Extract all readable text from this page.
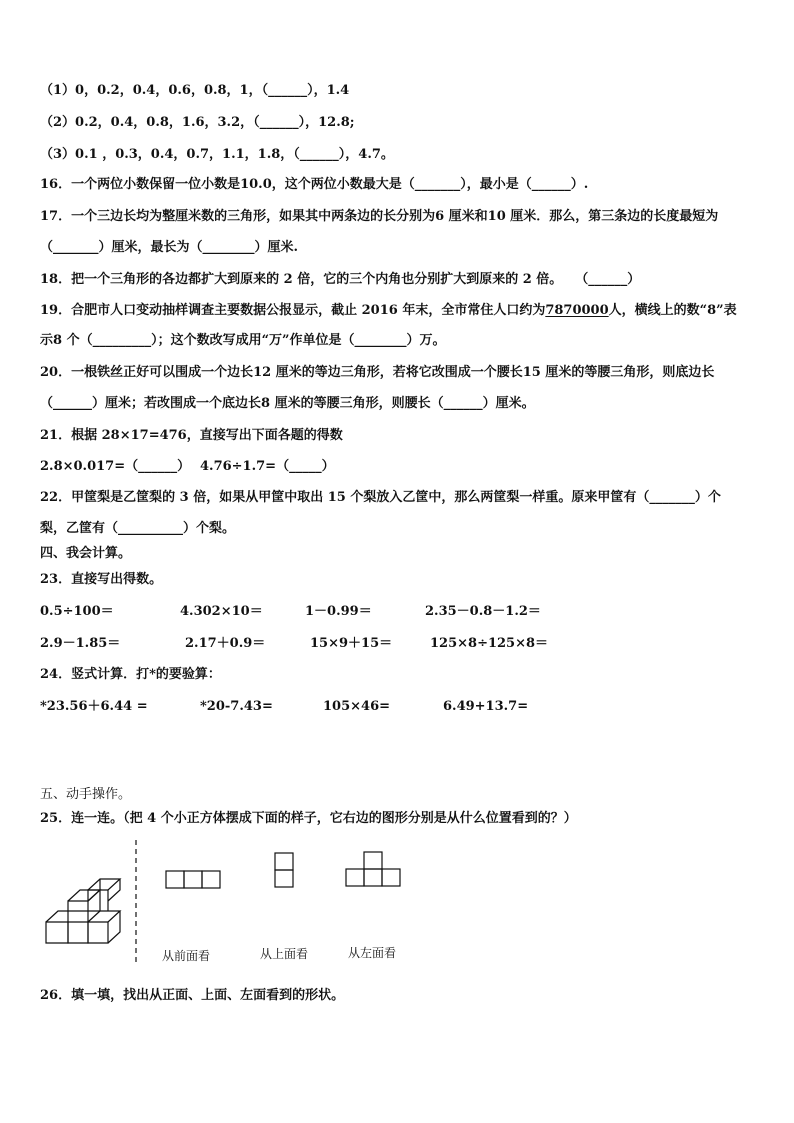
（1）0，0.2，0.4，0.6，0.8，1，（______），1.4
（2）0.2，0.4，0.8，1.6，3.2，（______），12.8;
（3）0.1 ，0.3，0.4，0.7，1.1，1.8，（______），4.7。
16．一个两位小数保留一位小数是10.0，这个两位小数最大是（_______），最小是（______）.
17．一个三边长均为整厘米数的三角形，如果其中两条边的长分别为6 厘米和10 厘米．那么，第三条边的长度最短为
（_______）厘米，最长为（________）厘米.
18．把一个三角形的各边都扩大到原来的 2 倍，它的三个内角也分别扩大到原来的 2 倍。　　（______）
19．合肥市人口变动抽样调查主要数据公报显示，截止 2016 年末，全市常住人口约为7870000人，横线上的数“8”表
示8 个（_________）；这个数改写成用“万”作单位是（________）万。
20．一根铁丝正好可以围成一个边长12 厘米的等边三角形，若将它改围成一个腰长15 厘米的等腰三角形，则底边长
（______）厘米；若改围成一个底边长8 厘米的等腰三角形，则腰长（______）厘米。
21．根据 28×17=476，直接写出下面各题的得数
2.8×0.017=（______） 4.76÷1.7=（_____）
22．甲筐梨是乙筐梨的 3 倍，如果从甲筐中取出 15 个梨放入乙筐中，那么两筐梨一样重。原来甲筐有（_______）个
梨，乙筐有（__________）个梨。
四、我会计算。
23．直接写出得数。
0.5÷100＝	4.302×10＝	1－0.99＝	2.35－0.8－1.2＝
2.9－1.85＝	2.17＋0.9＝	15×9＋15＝	125×8÷125×8＝
24．竖式计算．打*的要验算：
*23.56＋6.44 =	*20-7.43=	105×46=	6.49+13.7=
五、动手操作。
25．连一连。（把 4 个小正方体摆成下面的样子，它右边的图形分别是从什么位置看到的？）
从前面看	从上面看	从左面看
26．填一填，找出从正面、上面、左面看到的形状。
